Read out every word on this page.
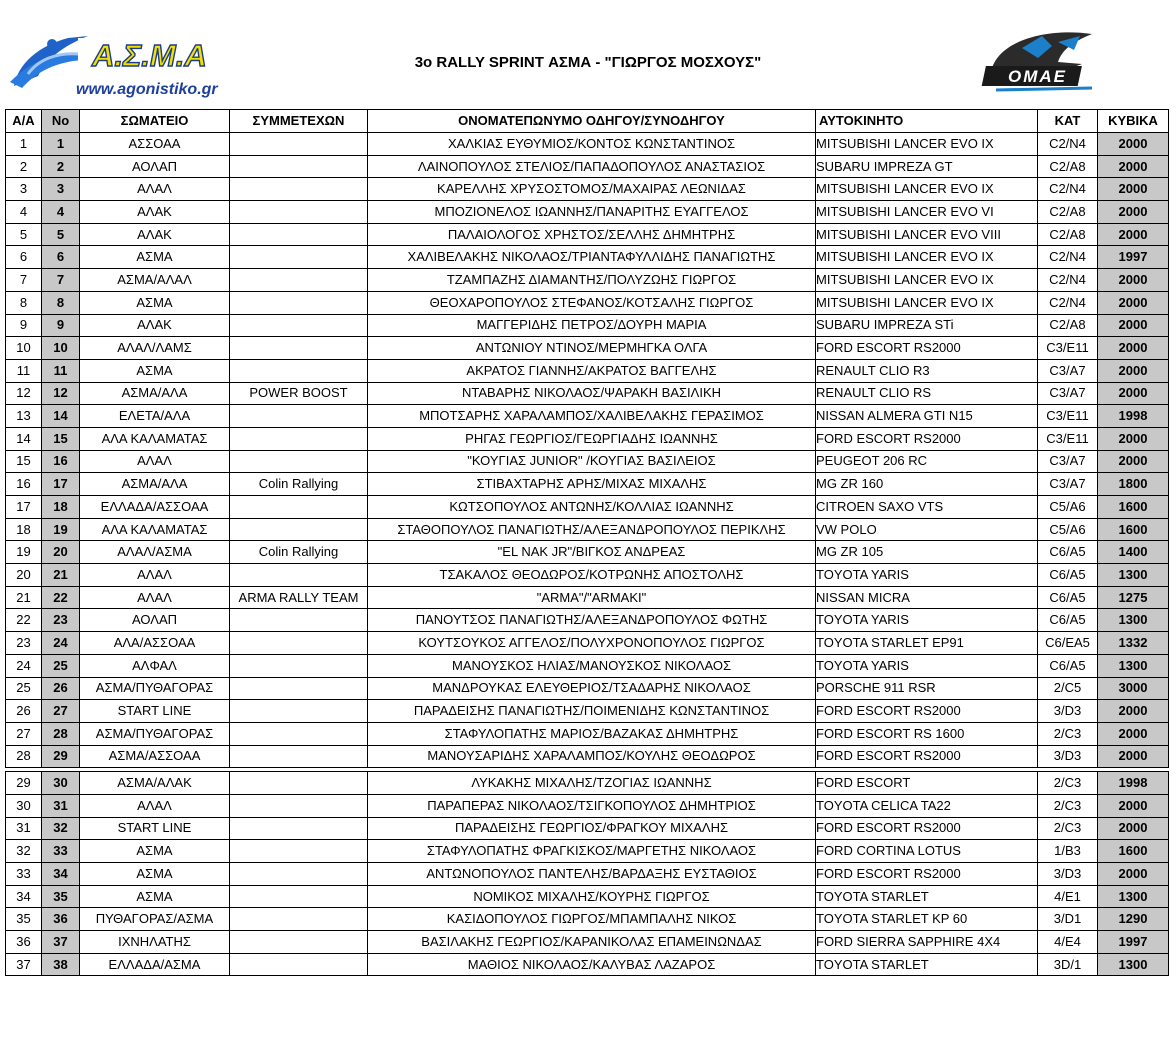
Α.Σ.Μ.Α
www.agonistiko.gr
3o RALLY SPRINT ΑΣΜΑ - "ΓΙΩΡΓΟΣ ΜΟΣΧΟΥΣ"
ΟΜΑΕ
Α/Α	Νο	ΣΩΜΑΤΕΙΟ	ΣΥΜΜΕΤΕΧΩΝ	ΟΝΟΜΑΤΕΠΩΝΥΜΟ ΟΔΗΓΟΥ/ΣΥΝΟΔΗΓΟΥ	ΑΥΤΟΚΙΝΗΤΟ	ΚΑΤ	ΚΥΒΙΚΑ
1	1	ΑΣΣΟΑΑ		ΧΑΛΚΙΑΣ ΕΥΘΥΜΙΟΣ/ΚΟΝΤΟΣ ΚΩΝΣΤΑΝΤΙΝΟΣ	MITSUBISHI LANCER EVO IX	C2/N4	2000
2	2	ΑΟΛΑΠ		ΛΑΙΝΟΠΟΥΛΟΣ ΣΤΕΛΙΟΣ/ΠΑΠΑΔΟΠΟΥΛΟΣ ΑΝΑΣΤΑΣΙΟΣ	SUBARU IMPREZA GT	C2/A8	2000
3	3	ΑΛΑΛ		ΚΑΡΕΛΛΗΣ ΧΡΥΣΟΣΤΟΜΟΣ/ΜΑΧΑΙΡΑΣ ΛΕΩΝΙΔΑΣ	MITSUBISHI LANCER EVO IX	C2/N4	2000
4	4	ΑΛΑΚ		ΜΠΟΖΙΟΝΕΛΟΣ ΙΩΑΝΝΗΣ/ΠΑΝΑΡΙΤΗΣ ΕΥΑΓΓΕΛΟΣ	MITSUBISHI LANCER EVO VI	C2/A8	2000
5	5	ΑΛΑΚ		ΠΑΛΑΙΟΛΟΓΟΣ ΧΡΗΣΤΟΣ/ΣΕΛΛΗΣ ΔΗΜΗΤΡΗΣ	MITSUBISHI LANCER EVO VIII	C2/A8	2000
6	6	ΑΣΜΑ		ΧΑΛΙΒΕΛΑΚΗΣ ΝΙΚΟΛΑΟΣ/ΤΡΙΑΝΤΑΦΥΛΛΙΔΗΣ ΠΑΝΑΓΙΩΤΗΣ	MITSUBISHI LANCER EVO IX	C2/N4	1997
7	7	ΑΣΜΑ/ΑΛΑΛ		ΤΖΑΜΠΑΖΗΣ ΔΙΑΜΑΝΤΗΣ/ΠΟΛΥΖΩΗΣ ΓΙΩΡΓΟΣ	MITSUBISHI LANCER EVO IX	C2/N4	2000
8	8	ΑΣΜΑ		ΘΕΟΧΑΡΟΠΟΥΛΟΣ ΣΤΕΦΑΝΟΣ/ΚΟΤΣΑΛΗΣ ΓΙΩΡΓΟΣ	MITSUBISHI LANCER EVO IX	C2/N4	2000
9	9	ΑΛΑΚ		ΜΑΓΓΕΡΙΔΗΣ ΠΕΤΡΟΣ/ΔΟΥΡΗ ΜΑΡΙΑ	SUBARU IMPREZA STi	C2/A8	2000
10	10	ΑΛΑΛ/ΛΑΜΣ		ΑΝΤΩΝΙΟΥ ΝΤΙΝΟΣ/ΜΕΡΜΗΓΚΑ ΟΛΓΑ	FORD ESCORT RS2000	C3/E11	2000
11	11	ΑΣΜΑ		ΑΚΡΑΤΟΣ ΓΙΑΝΝΗΣ/ΑΚΡΑΤΟΣ ΒΑΓΓΕΛΗΣ	RENAULT CLIO R3	C3/A7	2000
12	12	ΑΣΜΑ/ΑΛΑ	POWER BOOST	ΝΤΑΒΑΡΗΣ ΝΙΚΟΛΑΟΣ/ΨΑΡΑΚΗ ΒΑΣΙΛΙΚΗ	RENAULT CLIO RS	C3/A7	2000
13	14	ΕΛΕΤΑ/ΑΛΑ		ΜΠΟΤΣΑΡΗΣ ΧΑΡΑΛΑΜΠΟΣ/ΧΑΛΙΒΕΛΑΚΗΣ ΓΕΡΑΣΙΜΟΣ	NISSAN ALMERA GTI N15	C3/E11	1998
14	15	ΑΛΑ ΚΑΛΑΜΑΤΑΣ		ΡΗΓΑΣ ΓΕΩΡΓΙΟΣ/ΓΕΩΡΓΙΑΔΗΣ ΙΩΑΝΝΗΣ	FORD ESCORT RS2000	C3/E11	2000
15	16	ΑΛΑΛ		"ΚΟΥΓΙΑΣ JUNIOR" /ΚΟΥΓΙΑΣ ΒΑΣΙΛΕΙΟΣ	PEUGEOT 206 RC	C3/A7	2000
16	17	ΑΣΜΑ/ΑΛΑ	Colin Rallying	ΣΤΙΒΑΧΤΑΡΗΣ ΑΡΗΣ/ΜΙΧΑΣ ΜΙΧΑΛΗΣ	MG ZR 160	C3/A7	1800
17	18	ΕΛΛΑΔΑ/ΑΣΣΟΑΑ		ΚΩΤΣΟΠΟΥΛΟΣ ΑΝΤΩΝΗΣ/ΚΟΛΛΙΑΣ ΙΩΑΝΝΗΣ	CITROEN SAXO VTS	C5/A6	1600
18	19	ΑΛΑ ΚΑΛΑΜΑΤΑΣ		ΣΤΑΘΟΠΟΥΛΟΣ ΠΑΝΑΓΙΩΤΗΣ/ΑΛΕΞΑΝΔΡΟΠΟΥΛΟΣ ΠΕΡΙΚΛΗΣ	VW POLO	C5/A6	1600
19	20	ΑΛΑΛ/ΑΣΜΑ	Colin Rallying	"EL NAK JR"/ΒΙΓΚΟΣ ΑΝΔΡΕΑΣ	MG ZR 105	C6/A5	1400
20	21	ΑΛΑΛ		ΤΣΑΚΑΛΟΣ ΘΕΟΔΩΡΟΣ/ΚΟΤΡΩΝΗΣ ΑΠΟΣΤΟΛΗΣ	TOYOTA YARIS	C6/A5	1300
21	22	ΑΛΑΛ	ARMA RALLY TEAM	"ARMA"/"ARMAKI"	NISSAN MICRA	C6/A5	1275
22	23	ΑΟΛΑΠ		ΠΑΝΟΥΤΣΟΣ ΠΑΝΑΓΙΩΤΗΣ/ΑΛΕΞΑΝΔΡΟΠΟΥΛΟΣ ΦΩΤΗΣ	TOYOTA YARIS	C6/A5	1300
23	24	ΑΛΑ/ΑΣΣΟΑΑ		ΚΟΥΤΣΟΥΚΟΣ ΑΓΓΕΛΟΣ/ΠΟΛΥΧΡΟΝΟΠΟΥΛΟΣ ΓΙΩΡΓΟΣ	TOYOTA STARLET EP91	C6/EA5	1332
24	25	ΑΛΦΑΛ		ΜΑΝΟΥΣΚΟΣ ΗΛΙΑΣ/ΜΑΝΟΥΣΚΟΣ ΝΙΚΟΛΑΟΣ	TOYOTA YARIS	C6/A5	1300
25	26	ΑΣΜΑ/ΠΥΘΑΓΟΡΑΣ		ΜΑΝΔΡΟΥΚΑΣ ΕΛΕΥΘΕΡΙΟΣ/ΤΣΑΔΑΡΗΣ ΝΙΚΟΛΑΟΣ	PORSCHE 911 RSR	2/C5	3000
26	27	START LINE		ΠΑΡΑΔΕΙΣΗΣ ΠΑΝΑΓΙΩΤΗΣ/ΠΟΙΜΕΝΙΔΗΣ ΚΩΝΣΤΑΝΤΙΝΟΣ	FORD ESCORT RS2000	3/D3	2000
27	28	ΑΣΜΑ/ΠΥΘΑΓΟΡΑΣ		ΣΤΑΦΥΛΟΠΑΤΗΣ ΜΑΡΙΟΣ/ΒΑΖΑΚΑΣ ΔΗΜΗΤΡΗΣ	FORD ESCORT RS 1600	2/C3	2000
28	29	ΑΣΜΑ/ΑΣΣΟΑΑ		ΜΑΝΟΥΣΑΡΙΔΗΣ ΧΑΡΑΛΑΜΠΟΣ/ΚΟΥΛΗΣ ΘΕΟΔΩΡΟΣ	FORD ESCORT RS2000	3/D3	2000

29	30	ΑΣΜΑ/ΑΛΑΚ		ΛΥΚΑΚΗΣ ΜΙΧΑΛΗΣ/ΤΖΟΓΙΑΣ ΙΩΑΝΝΗΣ	FORD ESCORT	2/C3	1998
30	31	ΑΛΑΛ		ΠΑΡΑΠΕΡΑΣ ΝΙΚΟΛΑΟΣ/ΤΣΙΓΚΟΠΟΥΛΟΣ ΔΗΜΗΤΡΙΟΣ	TOYOTA CELICA TA22	2/C3	2000
31	32	START LINE		ΠΑΡΑΔΕΙΣΗΣ ΓΕΩΡΓΙΟΣ/ΦΡΑΓΚΟΥ ΜΙΧΑΛΗΣ	FORD ESCORT RS2000	2/C3	2000
32	33	ΑΣΜΑ		ΣΤΑΦΥΛΟΠΑΤΗΣ ΦΡΑΓΚΙΣΚΟΣ/ΜΑΡΓΕΤΗΣ ΝΙΚΟΛΑΟΣ	FORD CORTINA LOTUS	1/B3	1600
33	34	ΑΣΜΑ		ΑΝΤΩΝΟΠΟΥΛΟΣ ΠΑΝΤΕΛΗΣ/ΒΑΡΔΑΞΗΣ ΕΥΣΤΑΘΙΟΣ	FORD ESCORT RS2000	3/D3	2000
34	35	ΑΣΜΑ		ΝΟΜΙΚΟΣ ΜΙΧΑΛΗΣ/ΚΟΥΡΗΣ ΓΙΩΡΓΟΣ	TOYOTA STARLET	4/E1	1300
35	36	ΠΥΘΑΓΟΡΑΣ/ΑΣΜΑ		ΚΑΣΙΔΟΠΟΥΛΟΣ ΓΙΩΡΓΟΣ/ΜΠΑΜΠΑΛΗΣ ΝΙΚΟΣ	TOYOTA STARLET KP 60	3/D1	1290
36	37	ΙΧΝΗΛΑΤΗΣ		ΒΑΣΙΛΑΚΗΣ ΓΕΩΡΓΙΟΣ/ΚΑΡΑΝΙΚΟΛΑΣ ΕΠΑΜΕΙΝΩΝΔΑΣ	FORD SIERRA SAPPHIRE 4X4	4/E4	1997
37	38	ΕΛΛΑΔΑ/ΑΣΜΑ		ΜΑΘΙΟΣ ΝΙΚΟΛΑΟΣ/ΚΑΛΥΒΑΣ ΛΑΖΑΡΟΣ	TOYOTA STARLET	3D/1	1300
